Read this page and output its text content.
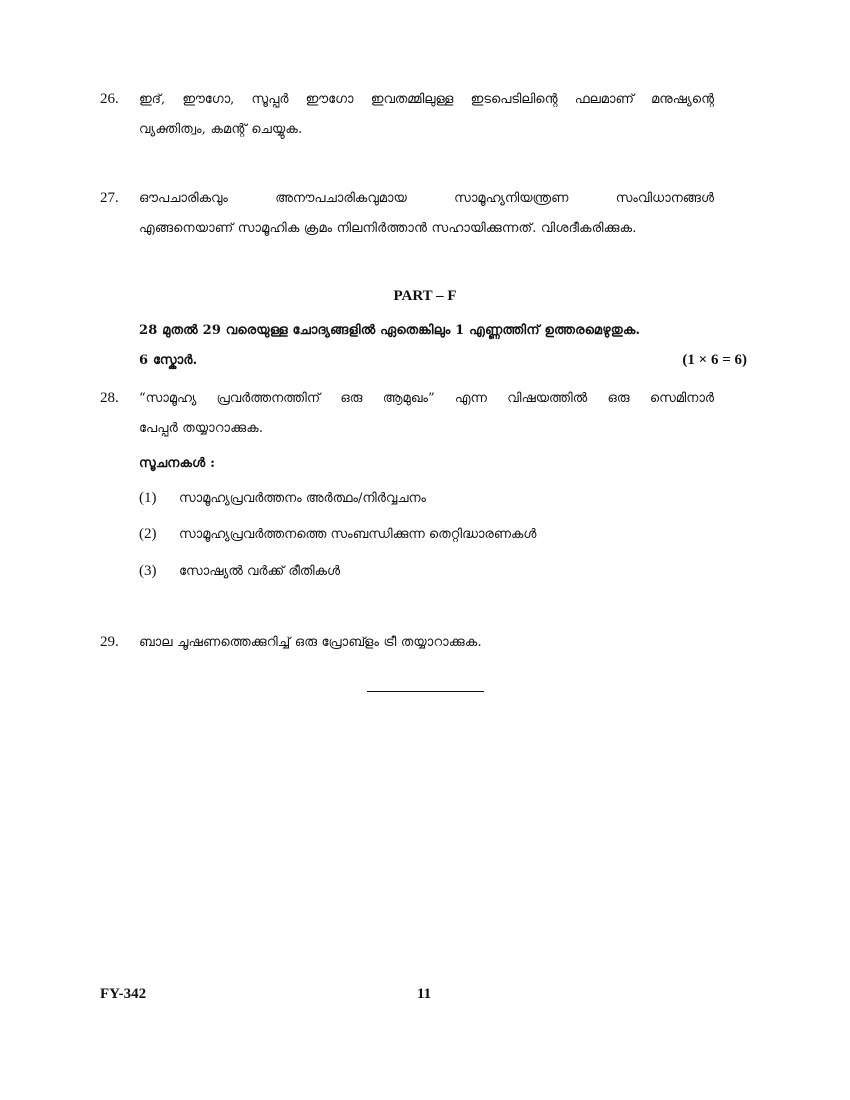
26. ഇദ്, ഈഗോ, സൂപ്പർ ഈഗോ ഇവതമ്മിലുള്ള ഇടപെടിലിന്റെ ഫലമാണ് മനുഷ്യന്റെ
വ്യക്തിത്വം, കമന്റ് ചെയ്യുക.
27. ഔപചാരികവും അനൗപചാരികവുമായ സാമൂഹ്യനിയന്ത്രണ സംവിധാനങ്ങൾ
എങ്ങനെയാണ് സാമൂഹിക ക്രമം നിലനിർത്താൻ സഹായിക്കുന്നത്. വിശദീകരിക്കുക.
PART – F
28 മുതൽ 29 വരെയുള്ള ചോദ്യങ്ങളിൽ ഏതെങ്കിലും 1 എണ്ണത്തിന് ഉത്തരമെഴുതുക.
6 സ്കോർ.	(1 × 6 = 6)
28. “സാമൂഹ്യ പ്രവർത്തനത്തിന് ഒരു ആമുഖം” എന്ന വിഷയത്തിൽ ഒരു സെമിനാർ
പേപ്പർ തയ്യാറാക്കുക.
സൂചനകൾ :
(1) സാമൂഹ്യപ്രവർത്തനം അർത്ഥം/നിർവ്വചനം
(2) സാമൂഹ്യപ്രവർത്തനത്തെ സംബന്ധിക്കുന്ന തെറ്റിദ്ധാരണകൾ
(3) സോഷ്യൽ വർക്ക് രീതികൾ
29. ബാല ചൂഷണത്തെക്കുറിച്ച് ഒരു പ്രോബ്ളം ട്രീ തയ്യാറാക്കുക.
FY-342	11
